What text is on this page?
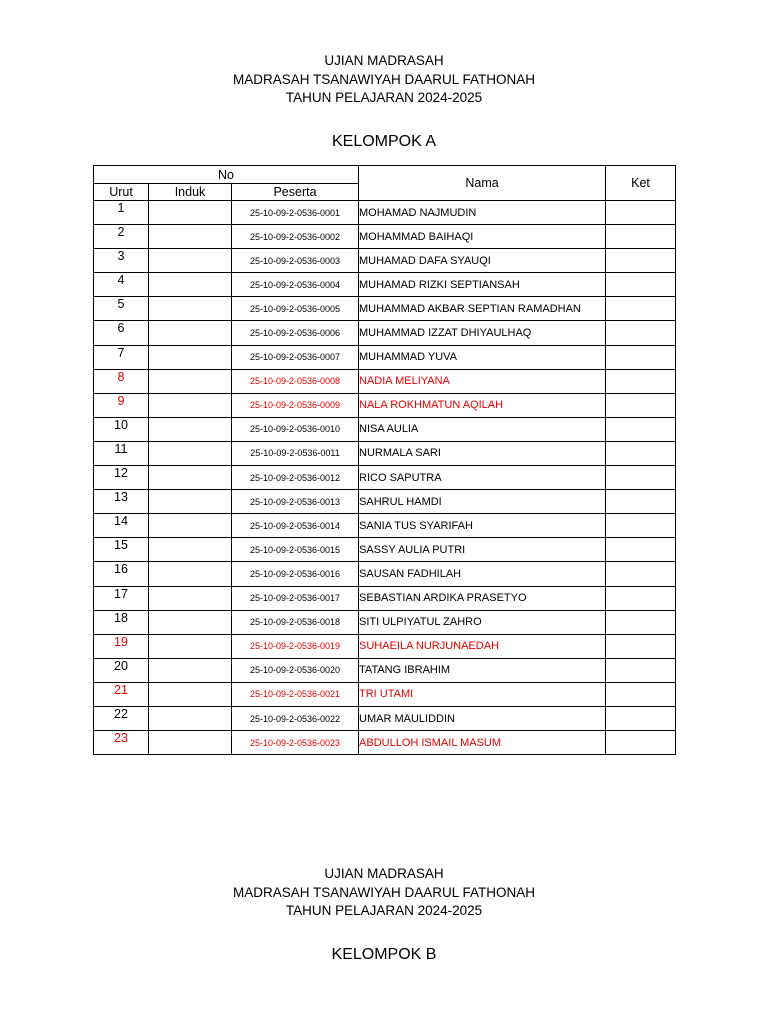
UJIAN MADRASAH
MADRASAH TSANAWIYAH DAARUL FATHONAH
TAHUN PELAJARAN 2024-2025
KELOMPOK A
No			Nama	Ket
Urut	Induk	Peserta		
1		25-10-09-2-0536-0001	MOHAMAD NAJMUDIN	
2		25-10-09-2-0536-0002	MOHAMMAD BAIHAQI	
3		25-10-09-2-0536-0003	MUHAMAD DAFA SYAUQI	
4		25-10-09-2-0536-0004	MUHAMAD RIZKI SEPTIANSAH	
5		25-10-09-2-0536-0005	MUHAMMAD AKBAR SEPTIAN RAMADHAN	
6		25-10-09-2-0536-0006	MUHAMMAD IZZAT DHIYAULHAQ	
7		25-10-09-2-0536-0007	MUHAMMAD YUVA	
8		25-10-09-2-0536-0008	NADIA MELIYANA	
9		25-10-09-2-0536-0009	NALA ROKHMATUN AQILAH	
10		25-10-09-2-0536-0010	NISA AULIA	
11		25-10-09-2-0536-0011	NURMALA SARI	
12		25-10-09-2-0536-0012	RICO SAPUTRA	
13		25-10-09-2-0536-0013	SAHRUL HAMDI	
14		25-10-09-2-0536-0014	SANIA TUS SYARIFAH	
15		25-10-09-2-0536-0015	SASSY AULIA PUTRI	
16		25-10-09-2-0536-0016	SAUSAN FADHILAH	
17		25-10-09-2-0536-0017	SEBASTIAN ARDIKA PRASETYO	
18		25-10-09-2-0536-0018	SITI ULPIYATUL ZAHRO	
19		25-10-09-2-0536-0019	SUHAEILA NURJUNAEDAH	
20		25-10-09-2-0536-0020	TATANG IBRAHIM	
21		25-10-09-2-0536-0021	TRI UTAMI	
22		25-10-09-2-0536-0022	UMAR MAULIDDIN	
23		25-10-09-2-0536-0023	ABDULLOH ISMAIL MASUM	
UJIAN MADRASAH
MADRASAH TSANAWIYAH DAARUL FATHONAH
TAHUN PELAJARAN 2024-2025
KELOMPOK B
